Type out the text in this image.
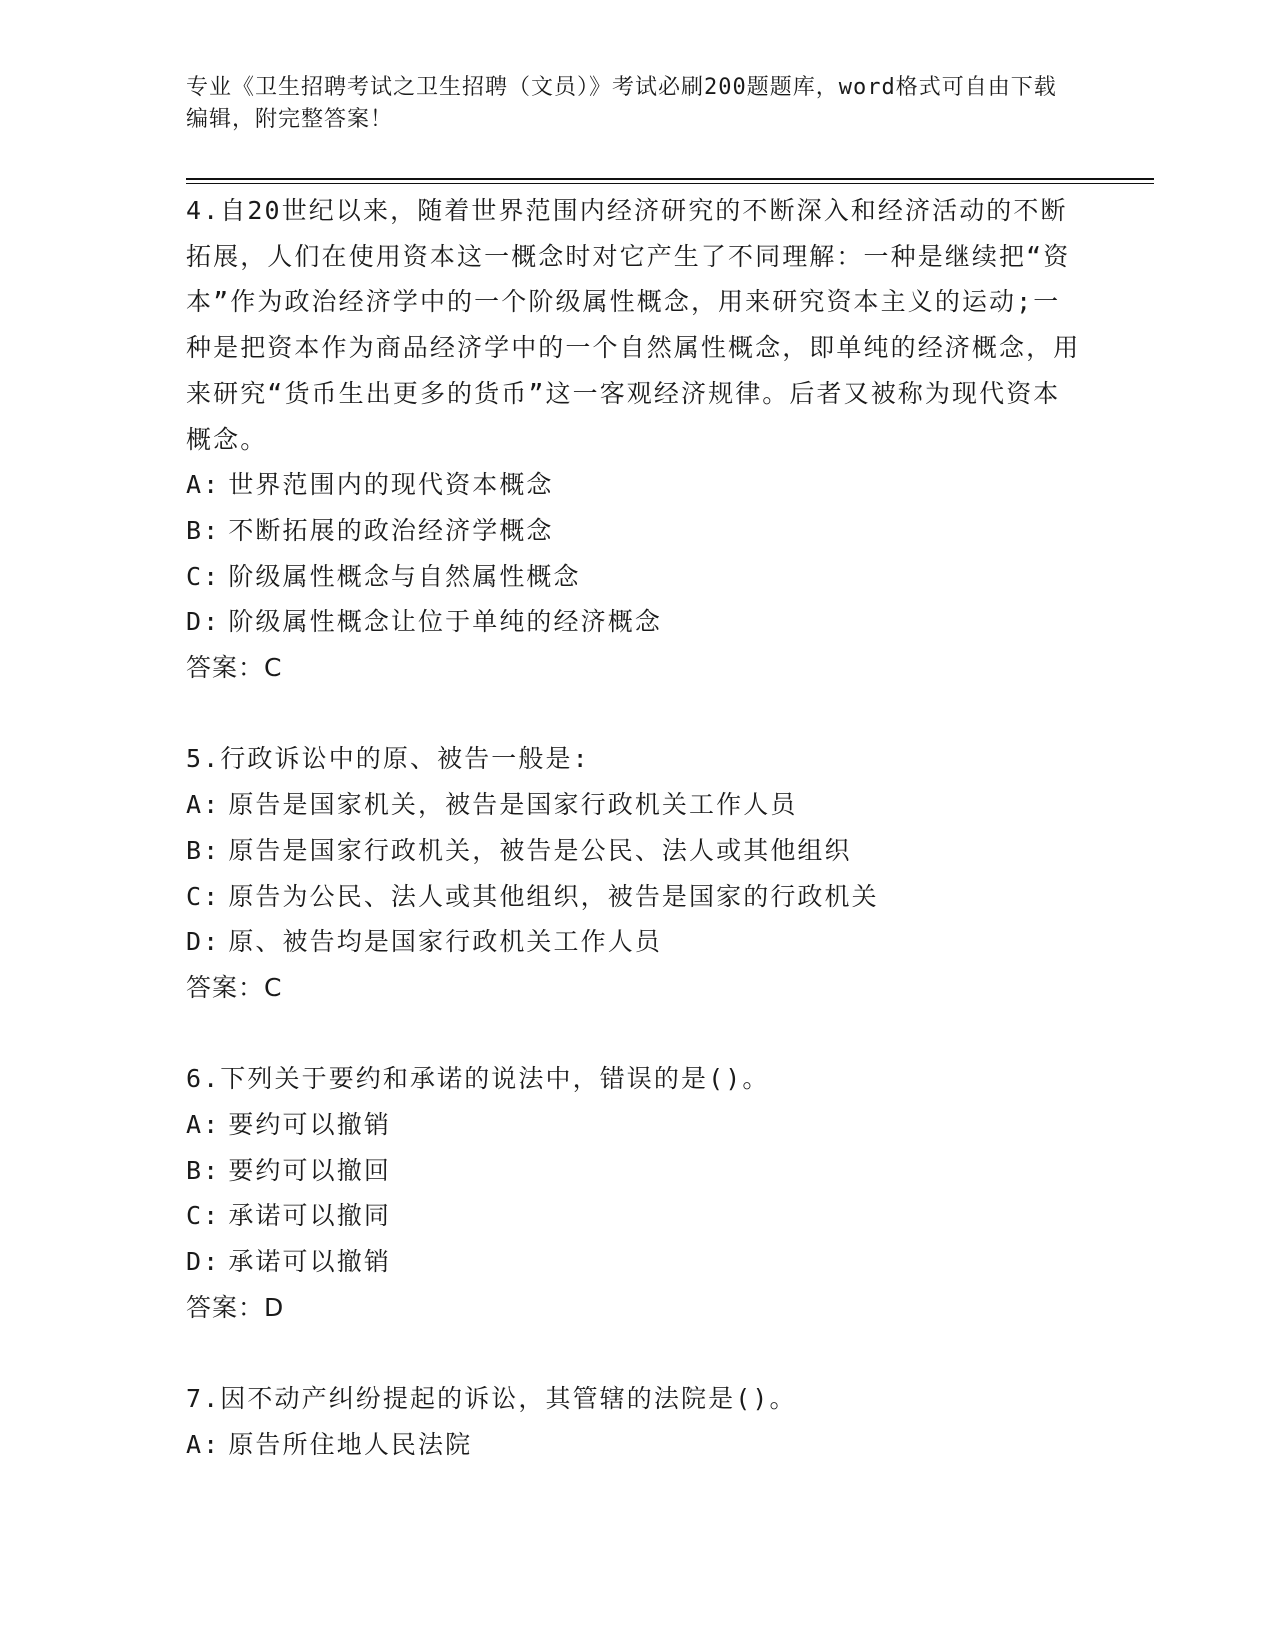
专业《卫生招聘考试之卫生招聘（文员）》考试必刷200题题库，word格式可自由下载编辑，附完整答案！
4.自20世纪以来，随着世界范围内经济研究的不断深入和经济活动的不断拓展，人们在使用资本这一概念时对它产生了不同理解：一种是继续把“资本”作为政治经济学中的一个阶级属性概念，用来研究资本主义的运动;一种是把资本作为商品经济学中的一个自然属性概念，即单纯的经济概念，用来研究“货币生出更多的货币”这一客观经济规律。后者又被称为现代资本概念。
A: 世界范围内的现代资本概念
B: 不断拓展的政治经济学概念
C: 阶级属性概念与自然属性概念
D: 阶级属性概念让位于单纯的经济概念
答案：C
5.行政诉讼中的原、被告一般是:
A: 原告是国家机关，被告是国家行政机关工作人员
B: 原告是国家行政机关，被告是公民、法人或其他组织
C: 原告为公民、法人或其他组织，被告是国家的行政机关
D: 原、被告均是国家行政机关工作人员
答案：C
6.下列关于要约和承诺的说法中，错误的是()。
A: 要约可以撤销
B: 要约可以撤回
C: 承诺可以撤同
D: 承诺可以撤销
答案：D
7.因不动产纠纷提起的诉讼，其管辖的法院是()。
A: 原告所住地人民法院
